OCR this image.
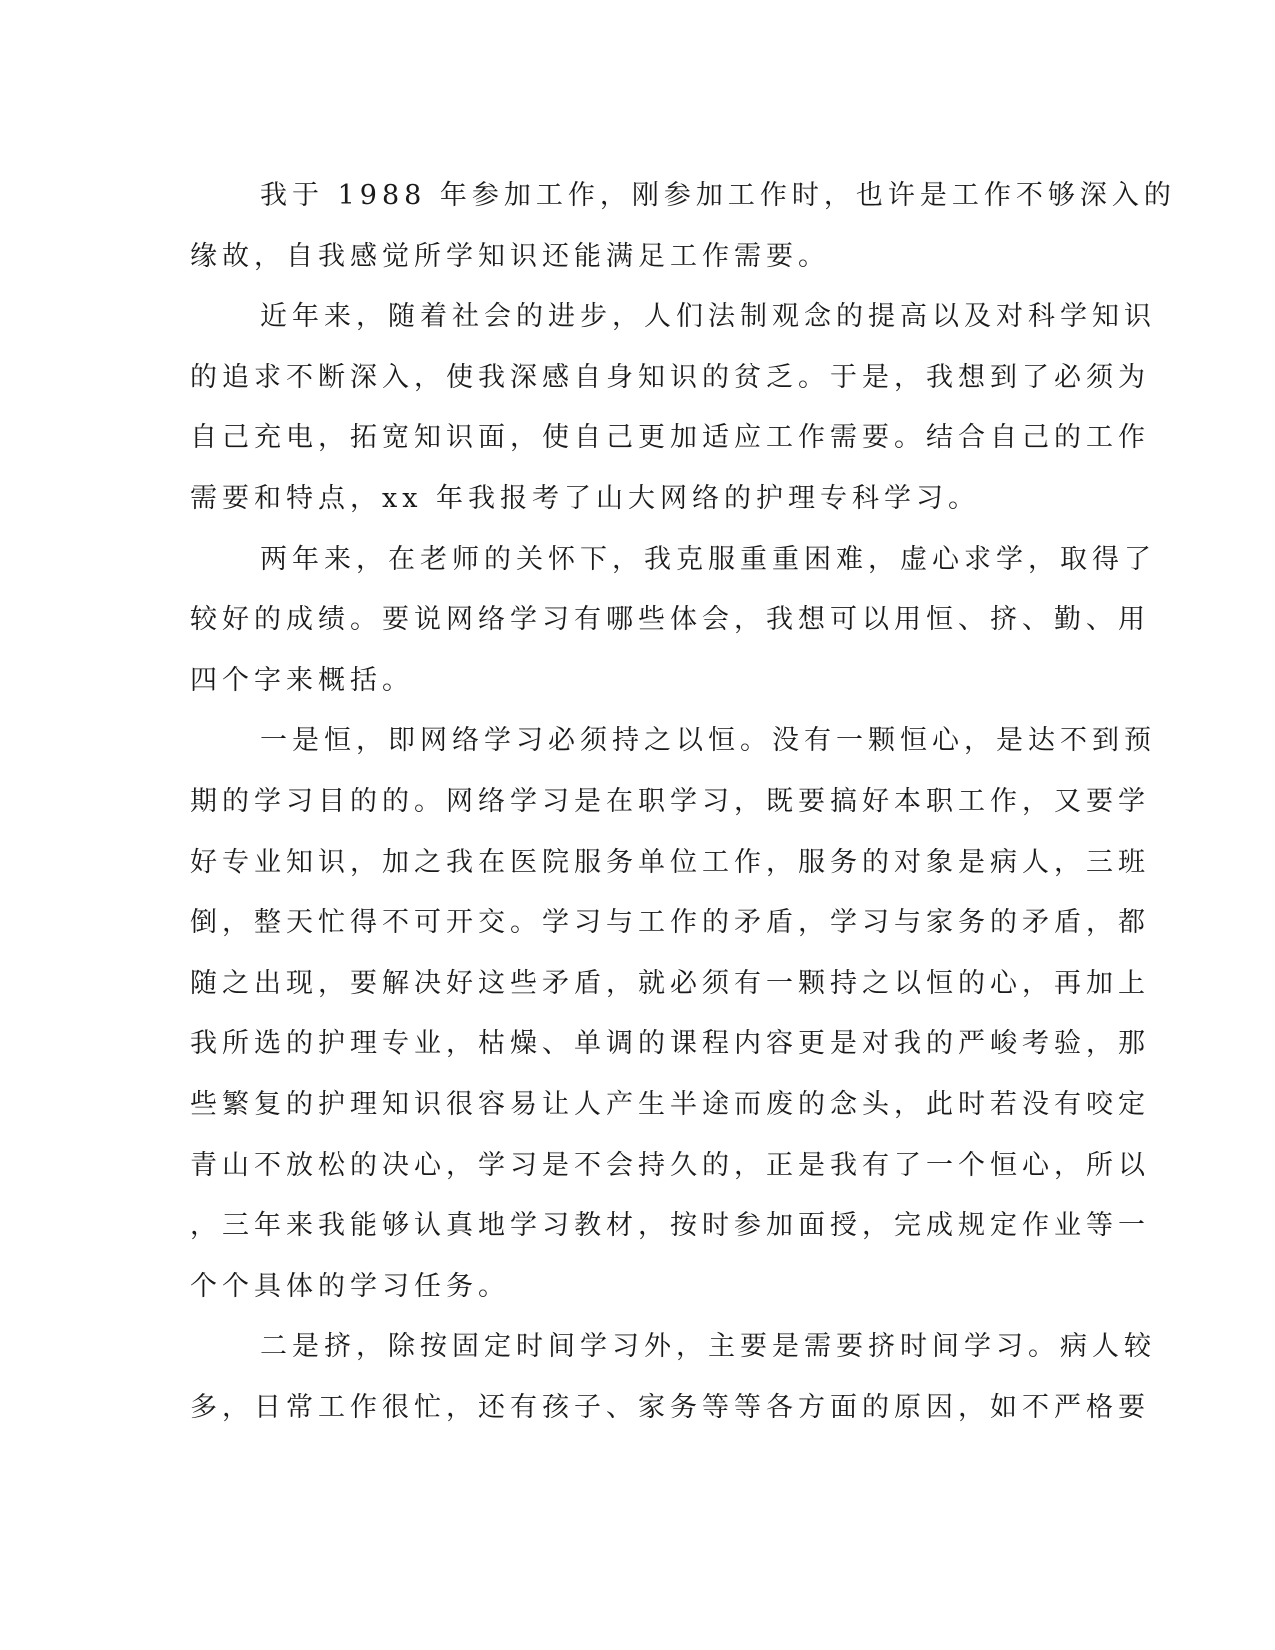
我于 1988 年参加工作，刚参加工作时，也许是工作不够深入的
缘故，自我感觉所学知识还能满足工作需要。
近年来，随着社会的进步，人们法制观念的提高以及对科学知识
的追求不断深入，使我深感自身知识的贫乏。于是，我想到了必须为
自己充电，拓宽知识面，使自己更加适应工作需要。结合自己的工作
需要和特点，xx 年我报考了山大网络的护理专科学习。
两年来，在老师的关怀下，我克服重重困难，虚心求学，取得了
较好的成绩。要说网络学习有哪些体会，我想可以用恒、挤、勤、用
四个字来概括。
一是恒，即网络学习必须持之以恒。没有一颗恒心，是达不到预
期的学习目的的。网络学习是在职学习，既要搞好本职工作，又要学
好专业知识，加之我在医院服务单位工作，服务的对象是病人，三班
倒，整天忙得不可开交。学习与工作的矛盾，学习与家务的矛盾，都
随之出现，要解决好这些矛盾，就必须有一颗持之以恒的心，再加上
我所选的护理专业，枯燥、单调的课程内容更是对我的严峻考验，那
些繁复的护理知识很容易让人产生半途而废的念头，此时若没有咬定
青山不放松的决心，学习是不会持久的，正是我有了一个恒心，所以
，三年来我能够认真地学习教材，按时参加面授，完成规定作业等一
个个具体的学习任务。
二是挤，除按固定时间学习外，主要是需要挤时间学习。病人较
多，日常工作很忙，还有孩子、家务等等各方面的原因，如不严格要
